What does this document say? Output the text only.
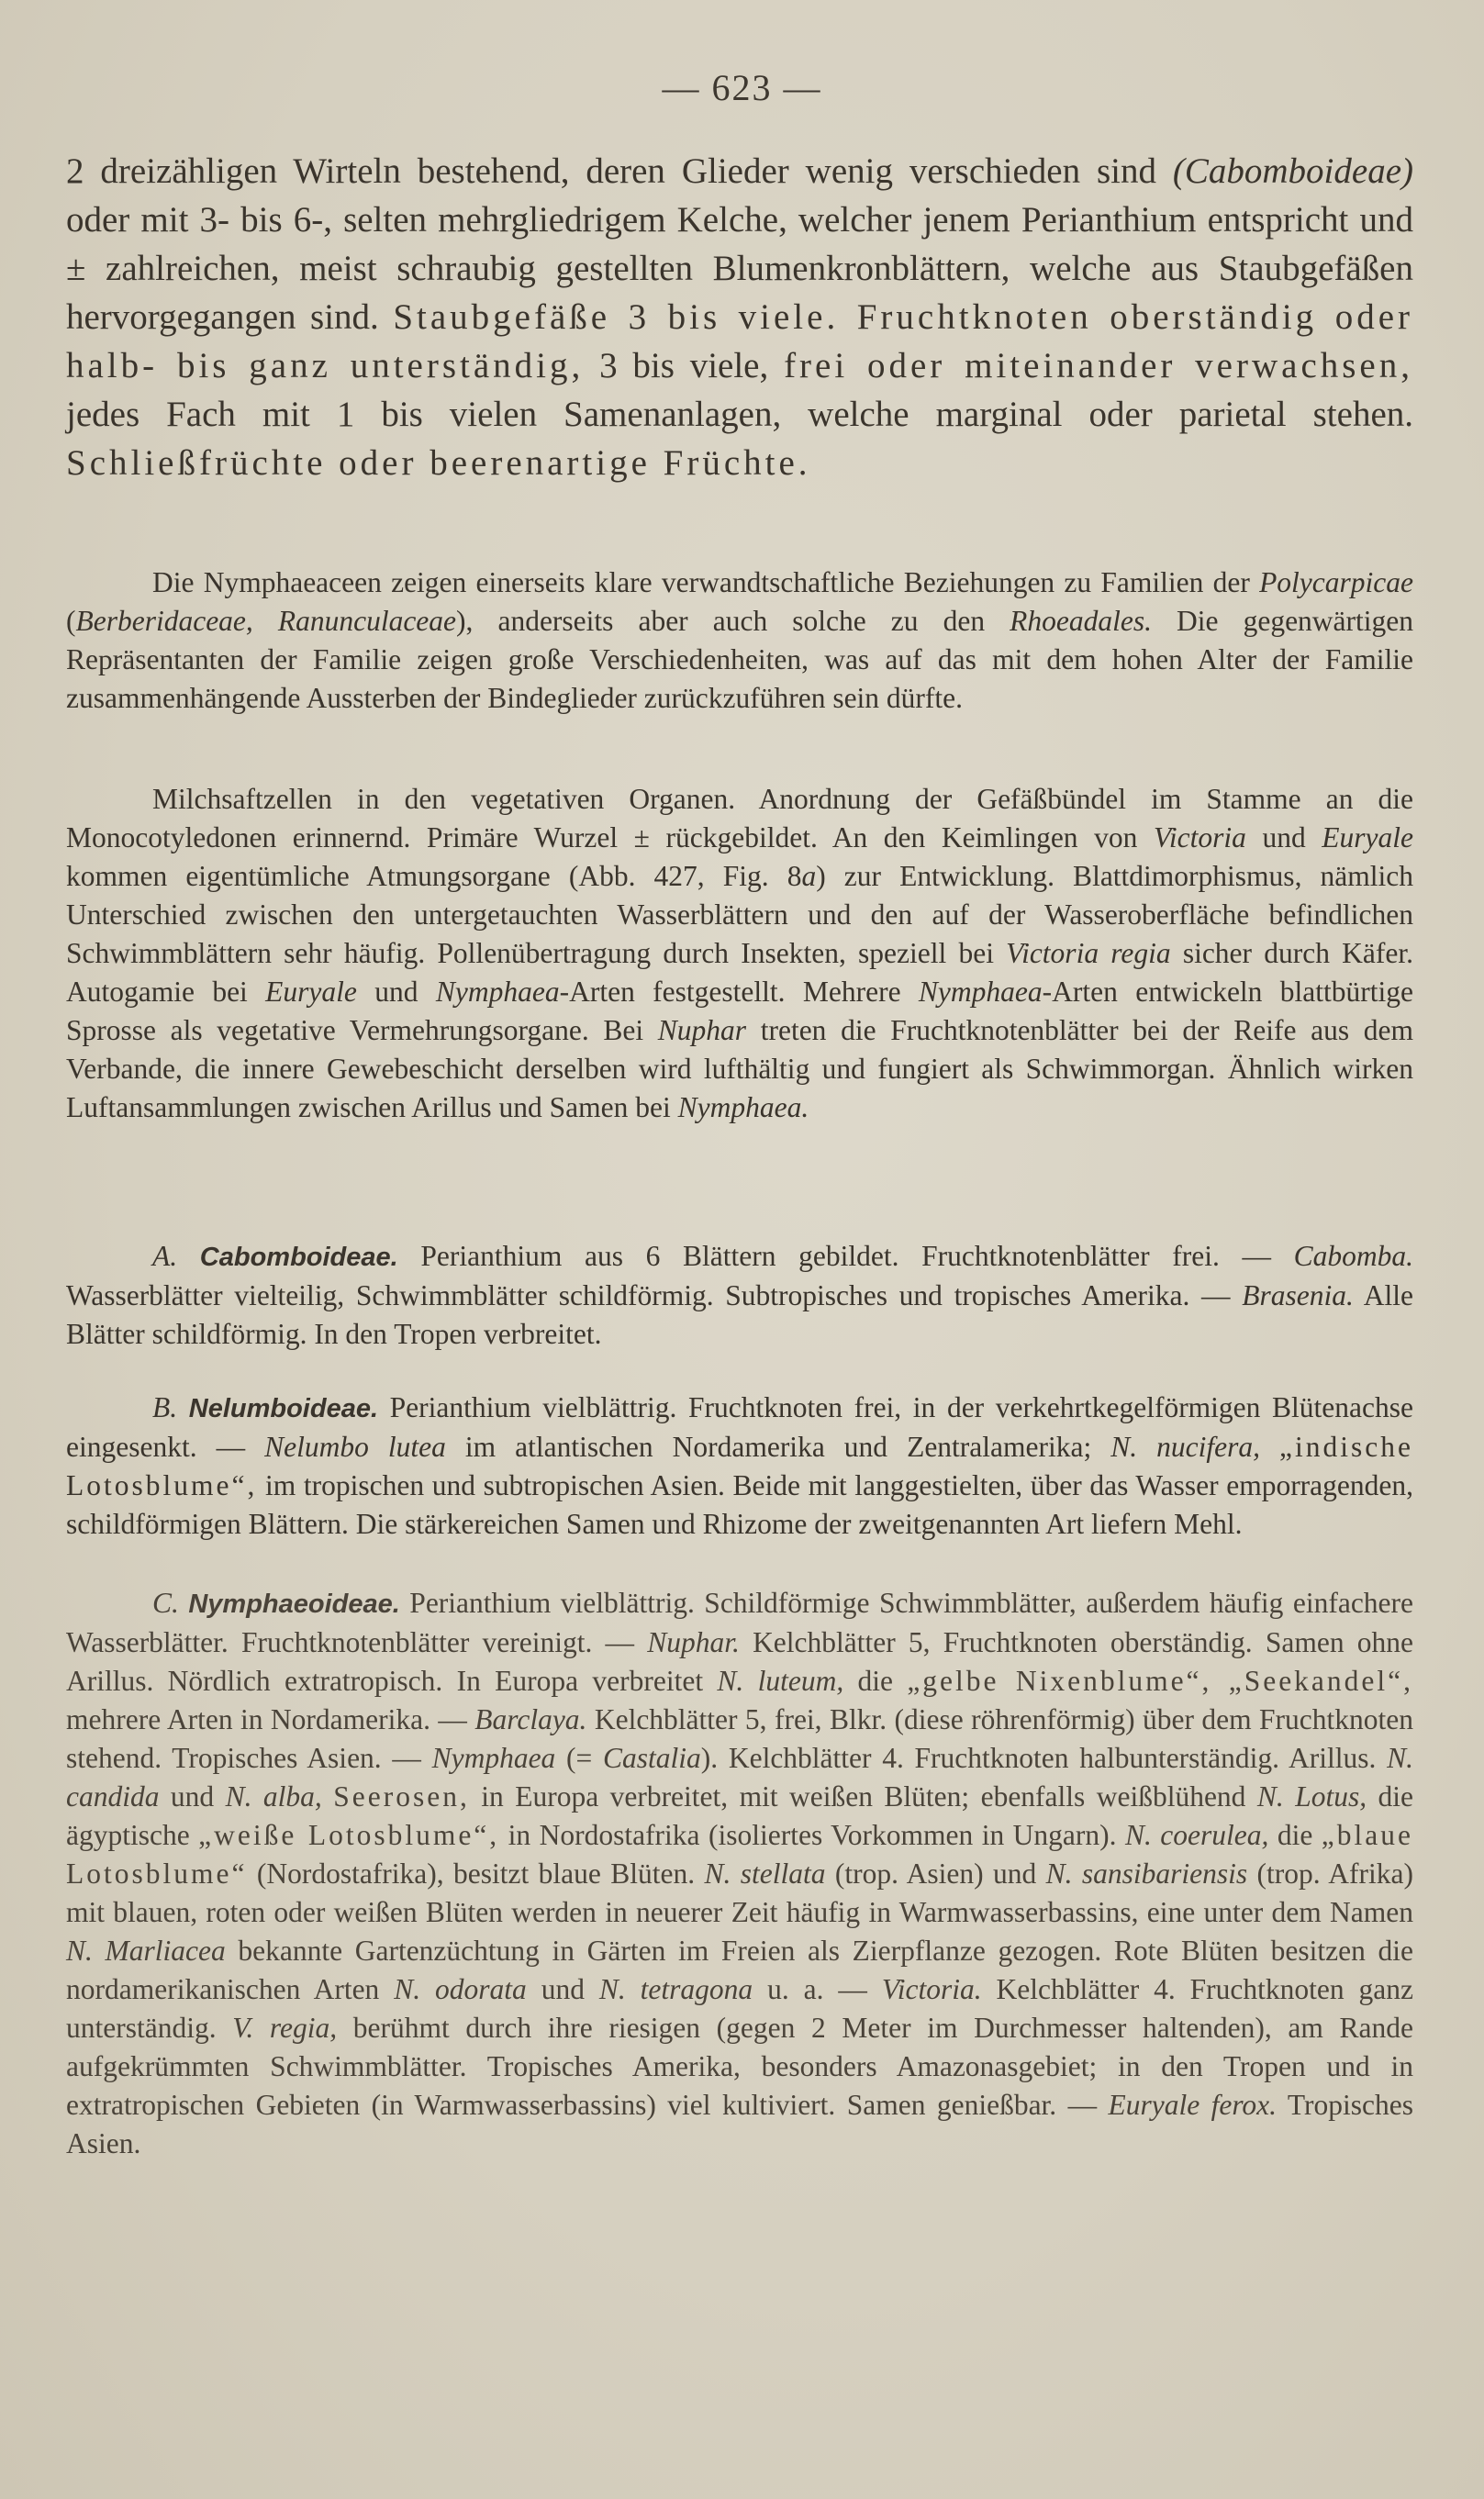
— 623 —

2 dreizähligen Wirteln bestehend, deren Glieder wenig verschieden sind (Cabomboideae) oder mit 3- bis 6-, selten mehrgliedrigem Kelche, welcher jenem Perianthium entspricht und ± zahlreichen, meist schraubig gestellten Blumenkronblättern, welche aus Staubgefäßen hervorgegangen sind. Staubgefäße 3 bis viele. Fruchtknoten oberständig oder halb- bis ganz unterständig, 3 bis viele, frei oder miteinander verwachsen, jedes Fach mit 1 bis vielen Samenanlagen, welche marginal oder parietal stehen. Schließfrüchte oder beerenartige Früchte.

Die Nymphaeaceen zeigen einerseits klare verwandtschaftliche Beziehungen zu Familien der Polycarpicae (Berberidaceae, Ranunculaceae), anderseits aber auch solche zu den Rhoeadales. Die gegenwärtigen Repräsentanten der Familie zeigen große Verschiedenheiten, was auf das mit dem hohen Alter der Familie zusammenhängende Aussterben der Bindeglieder zurückzuführen sein dürfte.

Milchsaftzellen in den vegetativen Organen. Anordnung der Gefäßbündel im Stamme an die Monocotyledonen erinnernd. Primäre Wurzel ± rückgebildet. An den Keimlingen von Victoria und Euryale kommen eigentümliche Atmungsorgane (Abb. 427, Fig. 8a) zur Entwicklung. Blattdimorphismus, nämlich Unterschied zwischen den untergetauchten Wasserblättern und den auf der Wasseroberfläche befindlichen Schwimmblättern sehr häufig. Pollenübertragung durch Insekten, speziell bei Victoria regia sicher durch Käfer. Autogamie bei Euryale und Nymphaea-Arten festgestellt. Mehrere Nymphaea-Arten entwickeln blattbürtige Sprosse als vegetative Vermehrungsorgane. Bei Nuphar treten die Fruchtknotenblätter bei der Reife aus dem Verbande, die innere Gewebeschicht derselben wird lufthältig und fungiert als Schwimmorgan. Ähnlich wirken Luftansammlungen zwischen Arillus und Samen bei Nymphaea.

A. Cabomboideae. Perianthium aus 6 Blättern gebildet. Fruchtknotenblätter frei. — Cabomba. Wasserblätter vielteilig, Schwimmblätter schildförmig. Subtropisches und tropisches Amerika. — Brasenia. Alle Blätter schildförmig. In den Tropen verbreitet.

B. Nelumboideae. Perianthium vielblättrig. Fruchtknoten frei, in der verkehrtkegelförmigen Blütenachse eingesenkt. — Nelumbo lutea im atlantischen Nordamerika und Zentralamerika; N. nucifera, „indische Lotosblume“, im tropischen und subtropischen Asien. Beide mit langgestielten, über das Wasser emporragenden, schildförmigen Blättern. Die stärkereichen Samen und Rhizome der zweitgenannten Art liefern Mehl.

C. Nymphaeoideae. Perianthium vielblättrig. Schildförmige Schwimmblätter, außerdem häufig einfachere Wasserblätter. Fruchtknotenblätter vereinigt. — Nuphar. Kelchblätter 5, Fruchtknoten oberständig. Samen ohne Arillus. Nördlich extratropisch. In Europa verbreitet N. luteum, die „gelbe Nixenblume“, „Seekandel“, mehrere Arten in Nordamerika. — Barclaya. Kelchblätter 5, frei, Blkr. (diese röhrenförmig) über dem Fruchtknoten stehend. Tropisches Asien. — Nymphaea (= Castalia). Kelchblätter 4. Fruchtknoten halbunterständig. Arillus. N. candida und N. alba, Seerosen, in Europa verbreitet, mit weißen Blüten; ebenfalls weißblühend N. Lotus, die ägyptische „weiße Lotosblume“, in Nordostafrika (isoliertes Vorkommen in Ungarn). N. coerulea, die „blaue Lotosblume“ (Nordostafrika), besitzt blaue Blüten. N. stellata (trop. Asien) und N. sansibariensis (trop. Afrika) mit blauen, roten oder weißen Blüten werden in neuerer Zeit häufig in Warmwasserbassins, eine unter dem Namen N. Marliacea bekannte Gartenzüchtung in Gärten im Freien als Zierpflanze gezogen. Rote Blüten besitzen die nordamerikanischen Arten N. odorata und N. tetragona u. a. — Victoria. Kelchblätter 4. Fruchtknoten ganz unterständig. V. regia, berühmt durch ihre riesigen (gegen 2 Meter im Durchmesser haltenden), am Rande aufgekrümmten Schwimmblätter. Tropisches Amerika, besonders Amazonasgebiet; in den Tropen und in extratropischen Gebieten (in Warmwasserbassins) viel kultiviert. Samen genießbar. — Euryale ferox. Tropisches Asien.
